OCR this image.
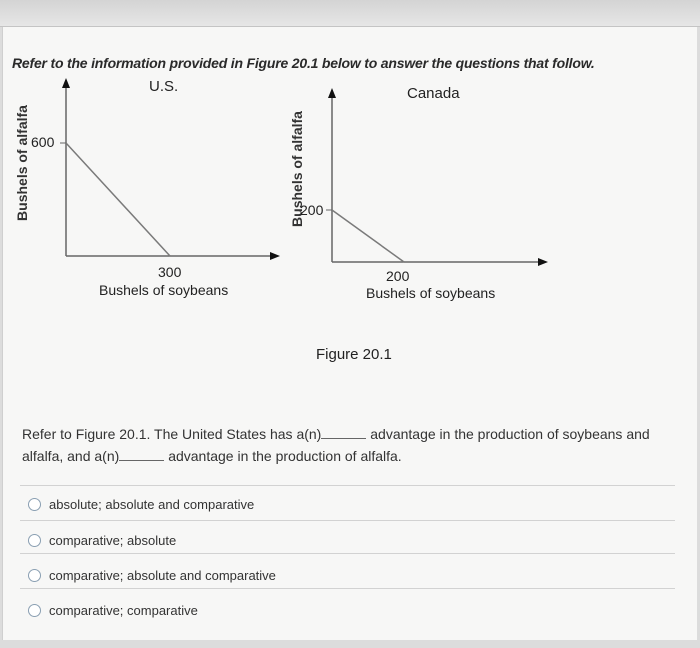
Refer to the information provided in Figure 20.1 below to answer the questions that follow.
U.S.	Canada
Bushels of alfalfa	Bushels of alfalfa
600
200
300
Bushels of soybeans
200
Bushels of soybeans
Figure 20.1
Refer to Figure 20.1. The United States has a(n)	advantage in the production of soybeans and alfalfa, and a(n)	advantage in the production of alfalfa.
absolute; absolute and comparative
comparative; absolute
comparative; absolute and comparative
comparative; comparative
